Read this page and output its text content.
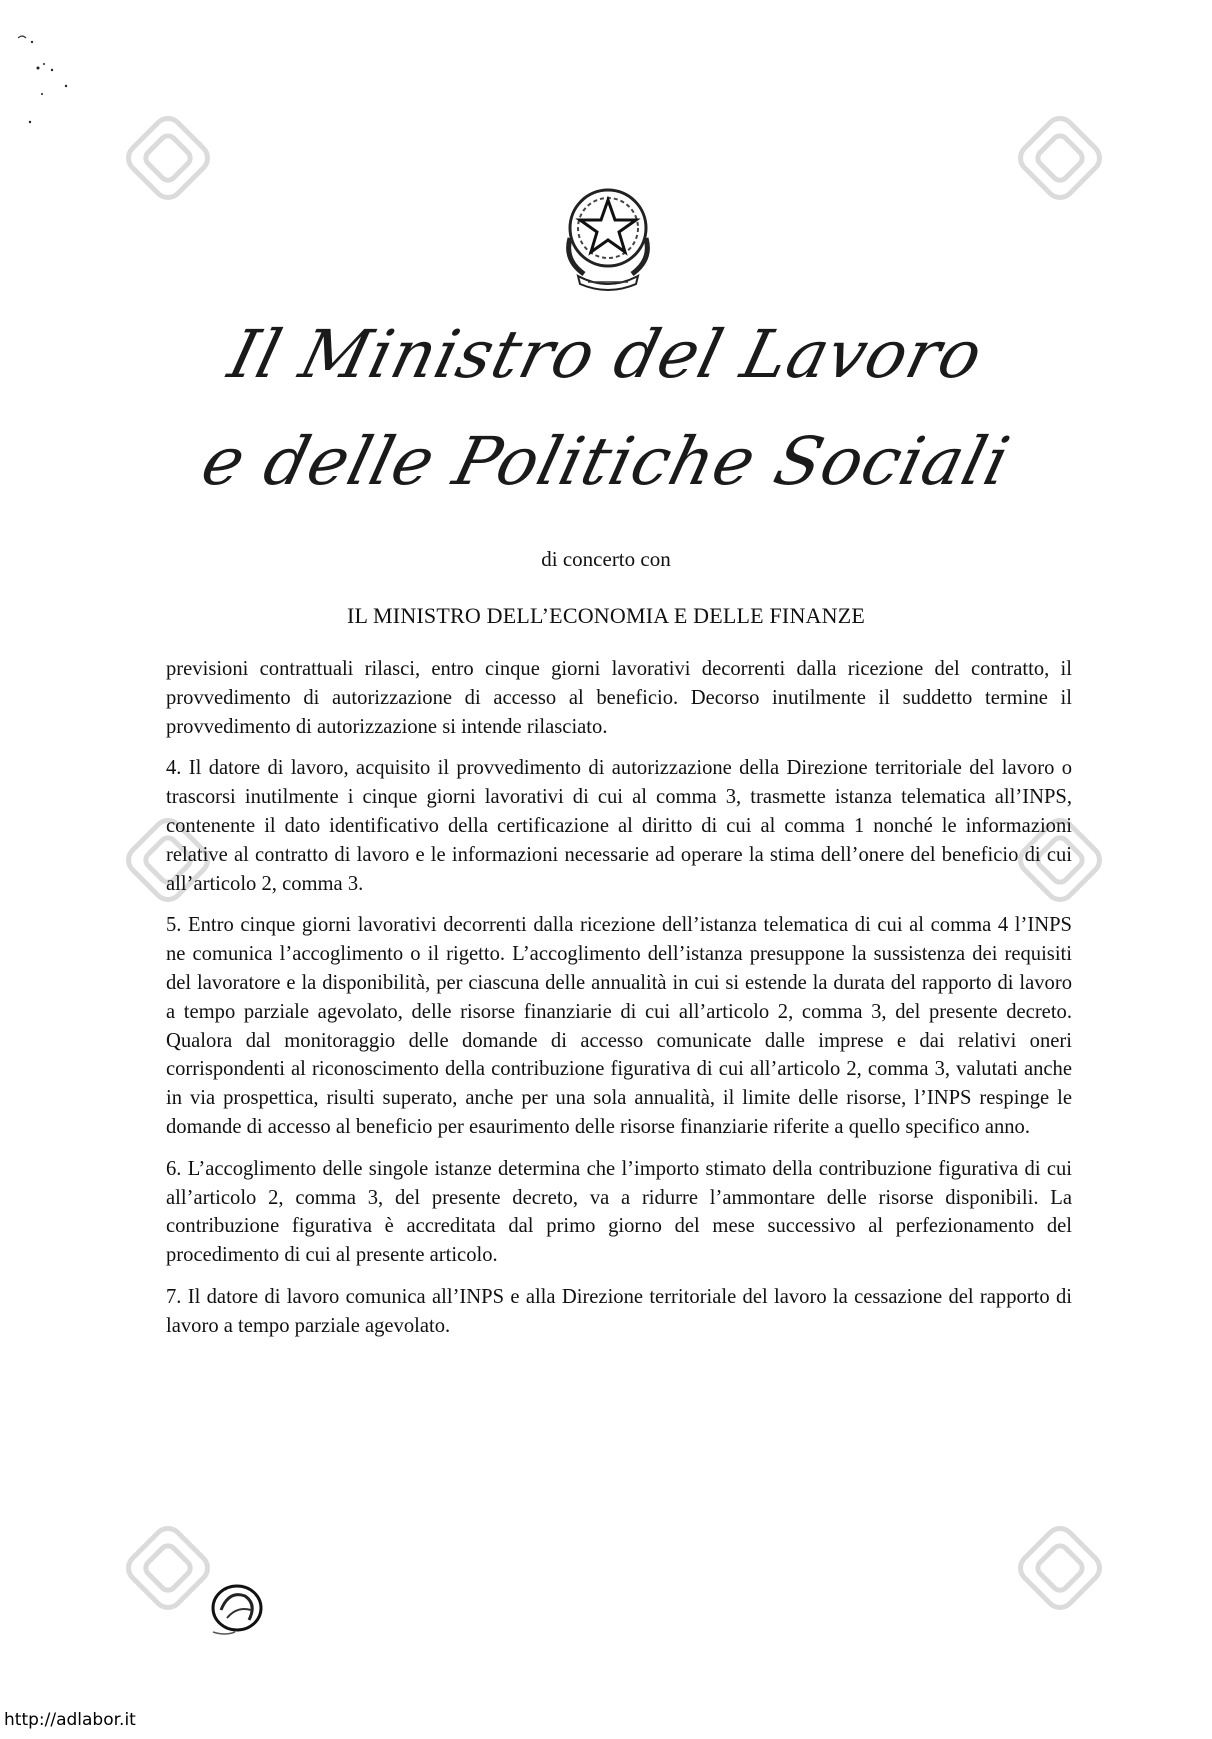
Il Ministro del Lavoro
e delle Politiche Sociali
di concerto con
IL MINISTRO DELL’ECONOMIA E DELLE FINANZE

previsioni contrattuali rilasci, entro cinque giorni lavorativi decorrenti dalla ricezione del contratto, il provvedimento di autorizzazione di accesso al beneficio. Decorso inutilmente il suddetto termine il provvedimento di autorizzazione si intende rilasciato.

4. Il datore di lavoro, acquisito il provvedimento di autorizzazione della Direzione territoriale del lavoro o trascorsi inutilmente i cinque giorni lavorativi di cui al comma 3, trasmette istanza telematica all’INPS, contenente il dato identificativo della certificazione al diritto di cui al comma 1 nonché le informazioni relative al contratto di lavoro e le informazioni necessarie ad operare la stima dell’onere del beneficio di cui all’articolo 2, comma 3.

5. Entro cinque giorni lavorativi decorrenti dalla ricezione dell’istanza telematica di cui al comma 4 l’INPS ne comunica l’accoglimento o il rigetto. L’accoglimento dell’istanza presuppone la sussistenza dei requisiti del lavoratore e la disponibilità, per ciascuna delle annualità in cui si estende la durata del rapporto di lavoro a tempo parziale agevolato, delle risorse finanziarie di cui all’articolo 2, comma 3, del presente decreto. Qualora dal monitoraggio delle domande di accesso comunicate dalle imprese e dai relativi oneri corrispondenti al riconoscimento della contribuzione figurativa di cui all’articolo 2, comma 3, valutati anche in via prospettica, risulti superato, anche per una sola annualità, il limite delle risorse, l’INPS respinge le domande di accesso al beneficio per esaurimento delle risorse finanziarie riferite a quello specifico anno.

6. L’accoglimento delle singole istanze determina che l’importo stimato della contribuzione figurativa di cui all’articolo 2, comma 3, del presente decreto, va a ridurre l’ammontare delle risorse disponibili. La contribuzione figurativa è accreditata dal primo giorno del mese successivo al perfezionamento del procedimento di cui al presente articolo.

7. Il datore di lavoro comunica all’INPS e alla Direzione territoriale del lavoro la cessazione del rapporto di lavoro a tempo parziale agevolato.

http://adlabor.it
